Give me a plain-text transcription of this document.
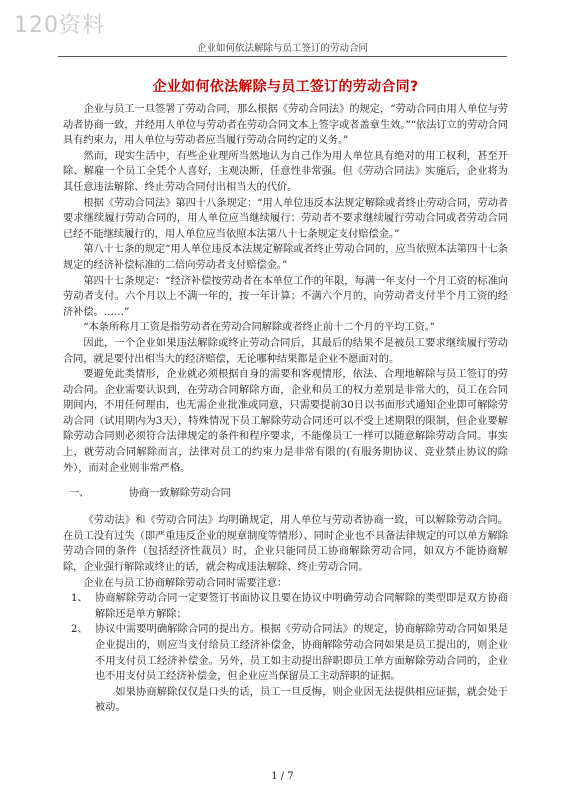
120资料
企业如何依法解除与员工签订的劳动合同
企业如何依法解除与员工签订的劳动合同?

企业与员工一旦签署了劳动合同，那么根据《劳动合同法》的规定，“劳动合同由用人单位与劳动者协商一致，并经用人单位与劳动者在劳动合同文本上签字或者盖章生效。”“依法订立的劳动合同具有约束力，用人单位与劳动者应当履行劳动合同约定的义务。”

然而，现实生活中，有些企业理所当然地认为自己作为用人单位具有绝对的用工权利，甚至开除、解雇一个员工全凭个人喜好，主观决断，任意性非常强。但《劳动合同法》实施后，企业将为其任意违法解除、终止劳动合同付出相当大的代价。

根据《劳动合同法》第四十八条规定：“用人单位违反本法规定解除或者终止劳动合同，劳动者要求继续履行劳动合同的，用人单位应当继续履行；劳动者不要求继续履行劳动合同或者劳动合同已经不能继续履行的，用人单位应当依照本法第八十七条规定支付赔偿金。”

第八十七条的规定“用人单位违反本法规定解除或者终止劳动合同的，应当依照本法第四十七条规定的经济补偿标准的二倍向劳动者支付赔偿金。”

第四十七条规定：“经济补偿按劳动者在本单位工作的年限，每满一年支付一个月工资的标准向劳动者支付。六个月以上不满一年的，按一年计算；不满六个月的，向劳动者支付半个月工资的经济补偿。……”

“本条所称月工资是指劳动者在劳动合同解除或者终止前十二个月的平均工资。”

因此，一个企业如果违法解除或终止劳动合同后，其最后的结果不是被员工要求继续履行劳动合同，就是要付出相当大的经济赔偿，无论哪种结果都是企业不愿面对的。

要避免此类情形，企业就必须根据自身的需要和客观情形，依法、合理地解除与员工签订的劳动合同。企业需要认识到，在劳动合同解除方面，企业和员工的权力差别是非常大的，员工在合同期间内，不用任何理由，也无需企业批准或同意，只需要提前30日以书面形式通知企业即可解除劳动合同（试用期内为3天），特殊情况下员工解除劳动合同还可以不受上述期限的限制，但企业要解除劳动合同则必须符合法律规定的条件和程序要求，不能像员工一样可以随意解除劳动合同。事实上，就劳动合同解除而言，法律对员工的约束力是非常有限的(有服务期协议、竞业禁止协议的除外），而对企业则非常严格。

一、	协商一致解除劳动合同

《劳动法》和《劳动合同法》均明确规定，用人单位与劳动者协商一致，可以解除劳动合同。在员工没有过失（即严重违反企业的规章制度等情形）、同时企业也不具备法律规定的可以单方解除劳动合同的条件（包括经济性裁员）时，企业只能同员工协商解除劳动合同，如双方不能协商解除，企业强行解除或终止的话，就会构成违法解除、终止劳动合同。

企业在与员工协商解除劳动合同时需要注意：

1、 协商解除劳动合同一定要签订书面协议且要在协议中明确劳动合同解除的类型即是双方协商解除还是单方解除；
2、 协议中需要明确解除合同的提出方。根据《劳动合同法》的规定，协商解除劳动合同如果是企业提出的，则应当支付给员工经济补偿金，协商解除劳动合同如果是员工提出的，则企业不用支付员工经济补偿金。另外，员工如主动提出辞职即员工单方面解除劳动合同的，企业也不用支付员工经济补偿金，但企业应当保留员工主动辞职的证据。

如果协商解除仅仅是口头的话，员工一旦反悔，则企业因无法提供相应证据，就会处于被动。

1 / 7
